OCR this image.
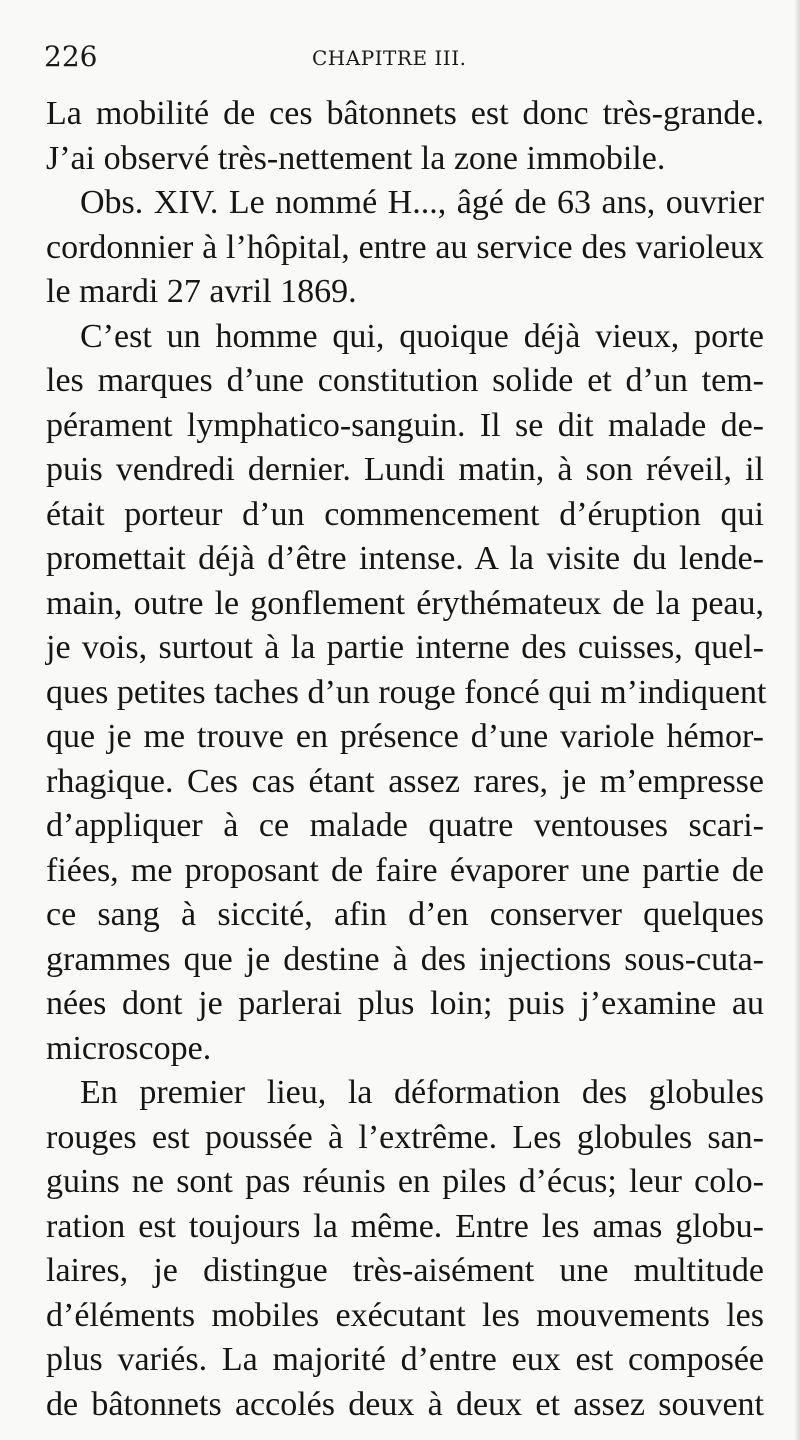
226	CHAPITRE III.
La mobilité de ces bâtonnets est donc très-grande.
J’ai observé très-nettement la zone immobile.
Obs. XIV. Le nommé H..., âgé de 63 ans, ouvrier
cordonnier à l’hôpital, entre au service des varioleux
le mardi 27 avril 1869.
C’est un homme qui, quoique déjà vieux, porte
les marques d’une constitution solide et d’un tem-
pérament lymphatico-sanguin. Il se dit malade de-
puis vendredi dernier. Lundi matin, à son réveil, il
était porteur d’un commencement d’éruption qui
promettait déjà d’être intense. A la visite du lende-
main, outre le gonflement érythémateux de la peau,
je vois, surtout à la partie interne des cuisses, quel-
ques petites taches d’un rouge foncé qui m’indiquent
que je me trouve en présence d’une variole hémor-
rhagique. Ces cas étant assez rares, je m’empresse
d’appliquer à ce malade quatre ventouses scari-
fiées, me proposant de faire évaporer une partie de
ce sang à siccité, afin d’en conserver quelques
grammes que je destine à des injections sous-cuta-
nées dont je parlerai plus loin; puis j’examine au
microscope.
En premier lieu, la déformation des globules
rouges est poussée à l’extrême. Les globules san-
guins ne sont pas réunis en piles d’écus; leur colo-
ration est toujours la même. Entre les amas globu-
laires, je distingue très-aisément une multitude
d’éléments mobiles exécutant les mouvements les
plus variés. La majorité d’entre eux est composée
de bâtonnets accolés deux à deux et assez souvent
